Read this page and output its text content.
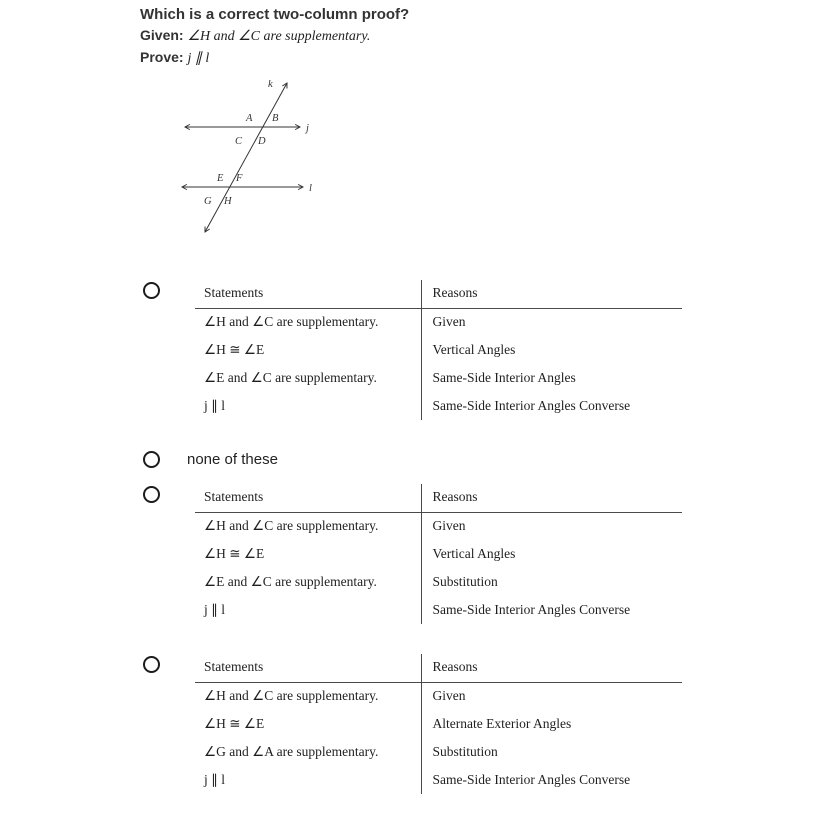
Which is a correct two-column proof?
Given: ∠H and ∠C are supplementary.
Prove: j ∥ l
k
j
l
A B
C D
E F
G H
Statements	Reasons
∠H and ∠C are supplementary.	Given
∠H ≅ ∠E	Vertical Angles
∠E and ∠C are supplementary.	Same-Side Interior Angles
j ∥ l	Same-Side Interior Angles Converse
none of these
Statements	Reasons
∠H and ∠C are supplementary.	Given
∠H ≅ ∠E	Vertical Angles
∠E and ∠C are supplementary.	Substitution
j ∥ l	Same-Side Interior Angles Converse
Statements	Reasons
∠H and ∠C are supplementary.	Given
∠H ≅ ∠E	Alternate Exterior Angles
∠G and ∠A are supplementary.	Substitution
j ∥ l	Same-Side Interior Angles Converse
